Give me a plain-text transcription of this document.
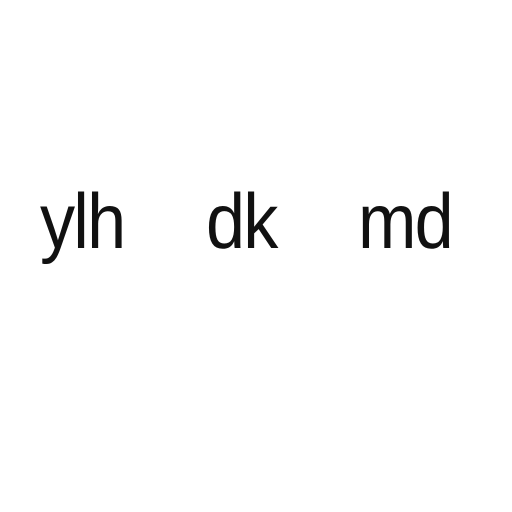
ylh dk md
